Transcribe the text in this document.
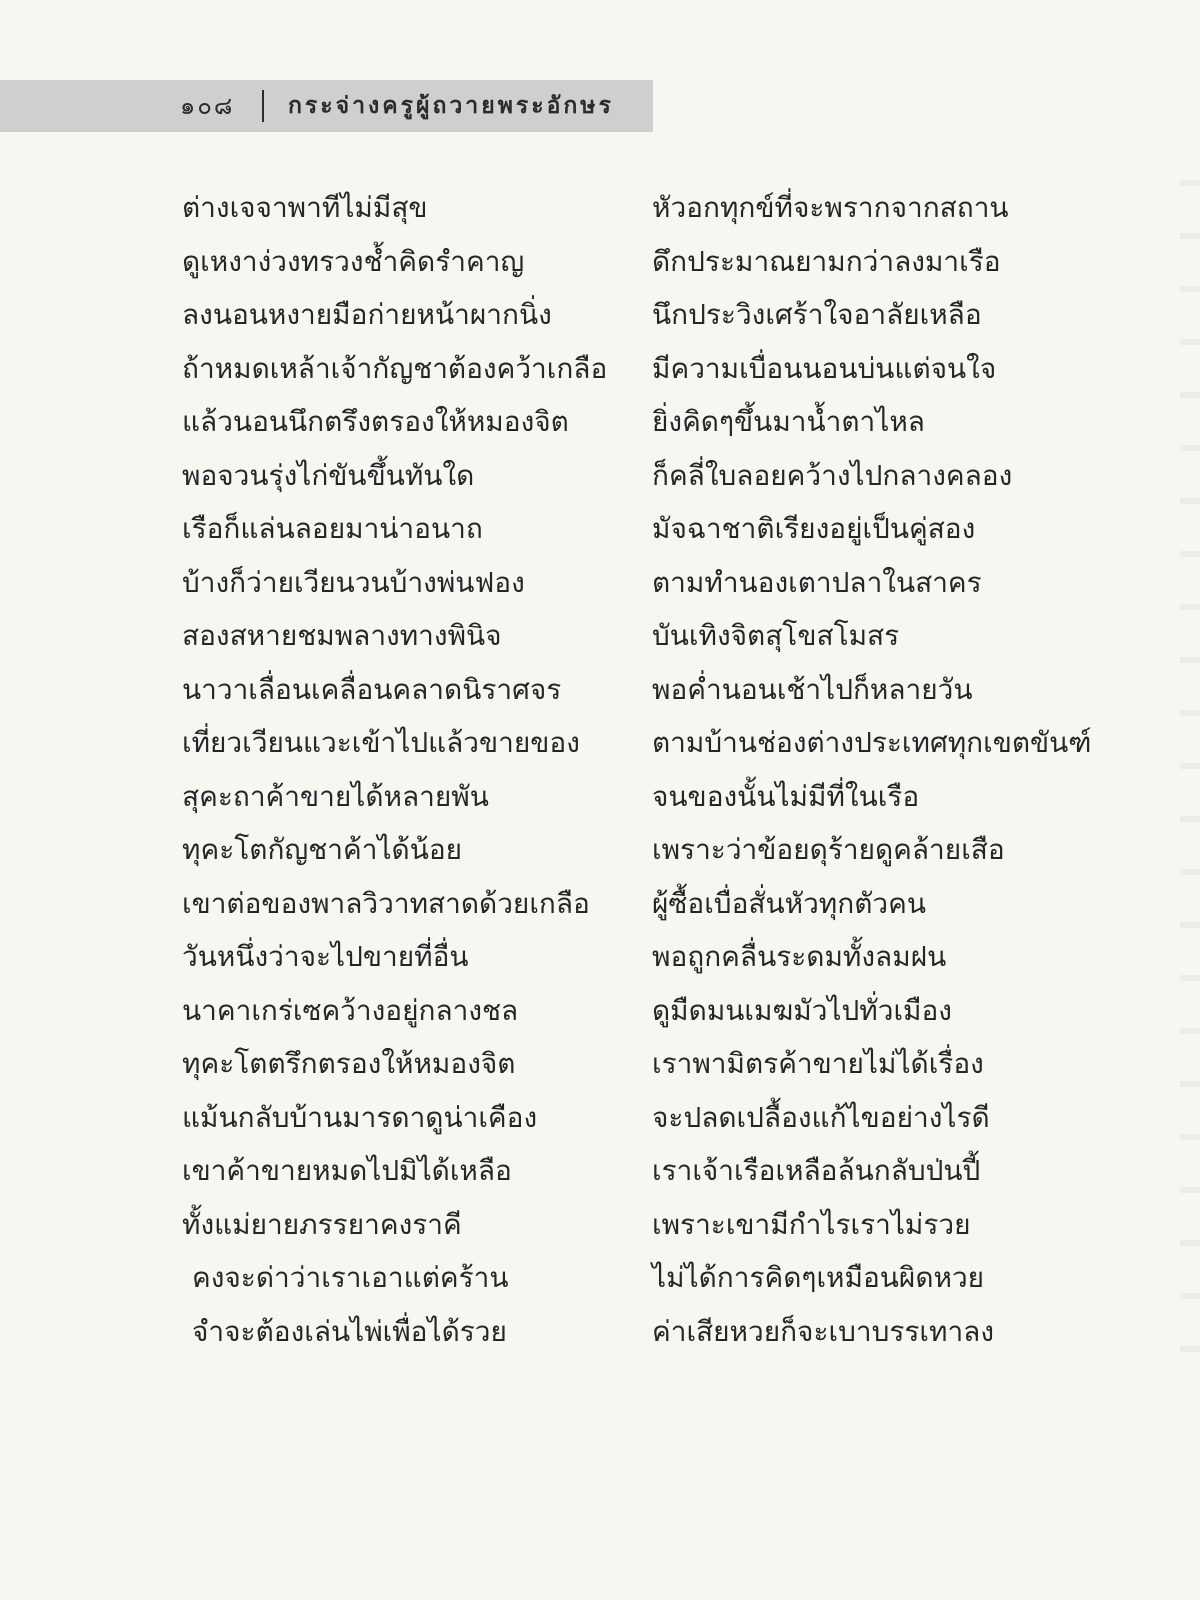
๑๐๘ กระจ่างครูผู้ถวายพระอักษร
ต่างเจจาพาทีไม่มีสุข
ดูเหงาง่วงทรวงช้ำคิดรำคาญ
ลงนอนหงายมือก่ายหน้าผากนิ่ง
ถ้าหมดเหล้าเจ้ากัญชาต้องคว้าเกลือ
แล้วนอนนึกตรึงตรองให้หมองจิต
พอจวนรุ่งไก่ขันขึ้นทันใด
เรือก็แล่นลอยมาน่าอนาถ
บ้างก็ว่ายเวียนวนบ้างพ่นฟอง
สองสหายชมพลางทางพินิจ
นาวาเลื่อนเคลื่อนคลาดนิราศจร
เที่ยวเวียนแวะเข้าไปแล้วขายของ
สุคะถาค้าขายได้หลายพัน
ทุคะโตกัญชาค้าได้น้อย
เขาต่อของพาลวิวาทสาดด้วยเกลือ
วันหนึ่งว่าจะไปขายที่อื่น
นาคาเกร่เซคว้างอยู่กลางชล
ทุคะโตตรึกตรองให้หมองจิต
แม้นกลับบ้านมารดาดูน่าเคือง
เขาค้าขายหมดไปมิได้เหลือ
ทั้งแม่ยายภรรยาคงราคี
คงจะด่าว่าเราเอาแต่คร้าน
จำจะต้องเล่นไพ่เพื่อได้รวย
หัวอกทุกข์ที่จะพรากจากสถาน
ดึกประมาณยามกว่าลงมาเรือ
นึกประวิงเศร้าใจอาลัยเหลือ
มีความเบื่อนนอนบ่นแต่จนใจ
ยิ่งคิดๆขึ้นมาน้ำตาไหล
ก็คลี่ใบลอยคว้างไปกลางคลอง
มัจฉาชาติเรียงอยู่เป็นคู่สอง
ตามทำนองเตาปลาในสาคร
บันเทิงจิตสุโขสโมสร
พอค่ำนอนเช้าไปก็หลายวัน
ตามบ้านช่องต่างประเทศทุกเขตขันฑ์
จนของนั้นไม่มีที่ในเรือ
เพราะว่าข้อยดุร้ายดูคล้ายเสือ
ผู้ซื้อเบื่อสั่นหัวทุกตัวคน
พอถูกคลื่นระดมทั้งลมฝน
ดูมืดมนเมฆมัวไปทั่วเมือง
เราพามิตรค้าขายไม่ได้เรื่อง
จะปลดเปลื้องแก้ไขอย่างไรดี
เราเจ้าเรือเหลือล้นกลับป่นปี้
เพราะเขามีกำไรเราไม่รวย
ไม่ได้การคิดๆเหมือนผิดหวย
ค่าเสียหวยก็จะเบาบรรเทาลง
